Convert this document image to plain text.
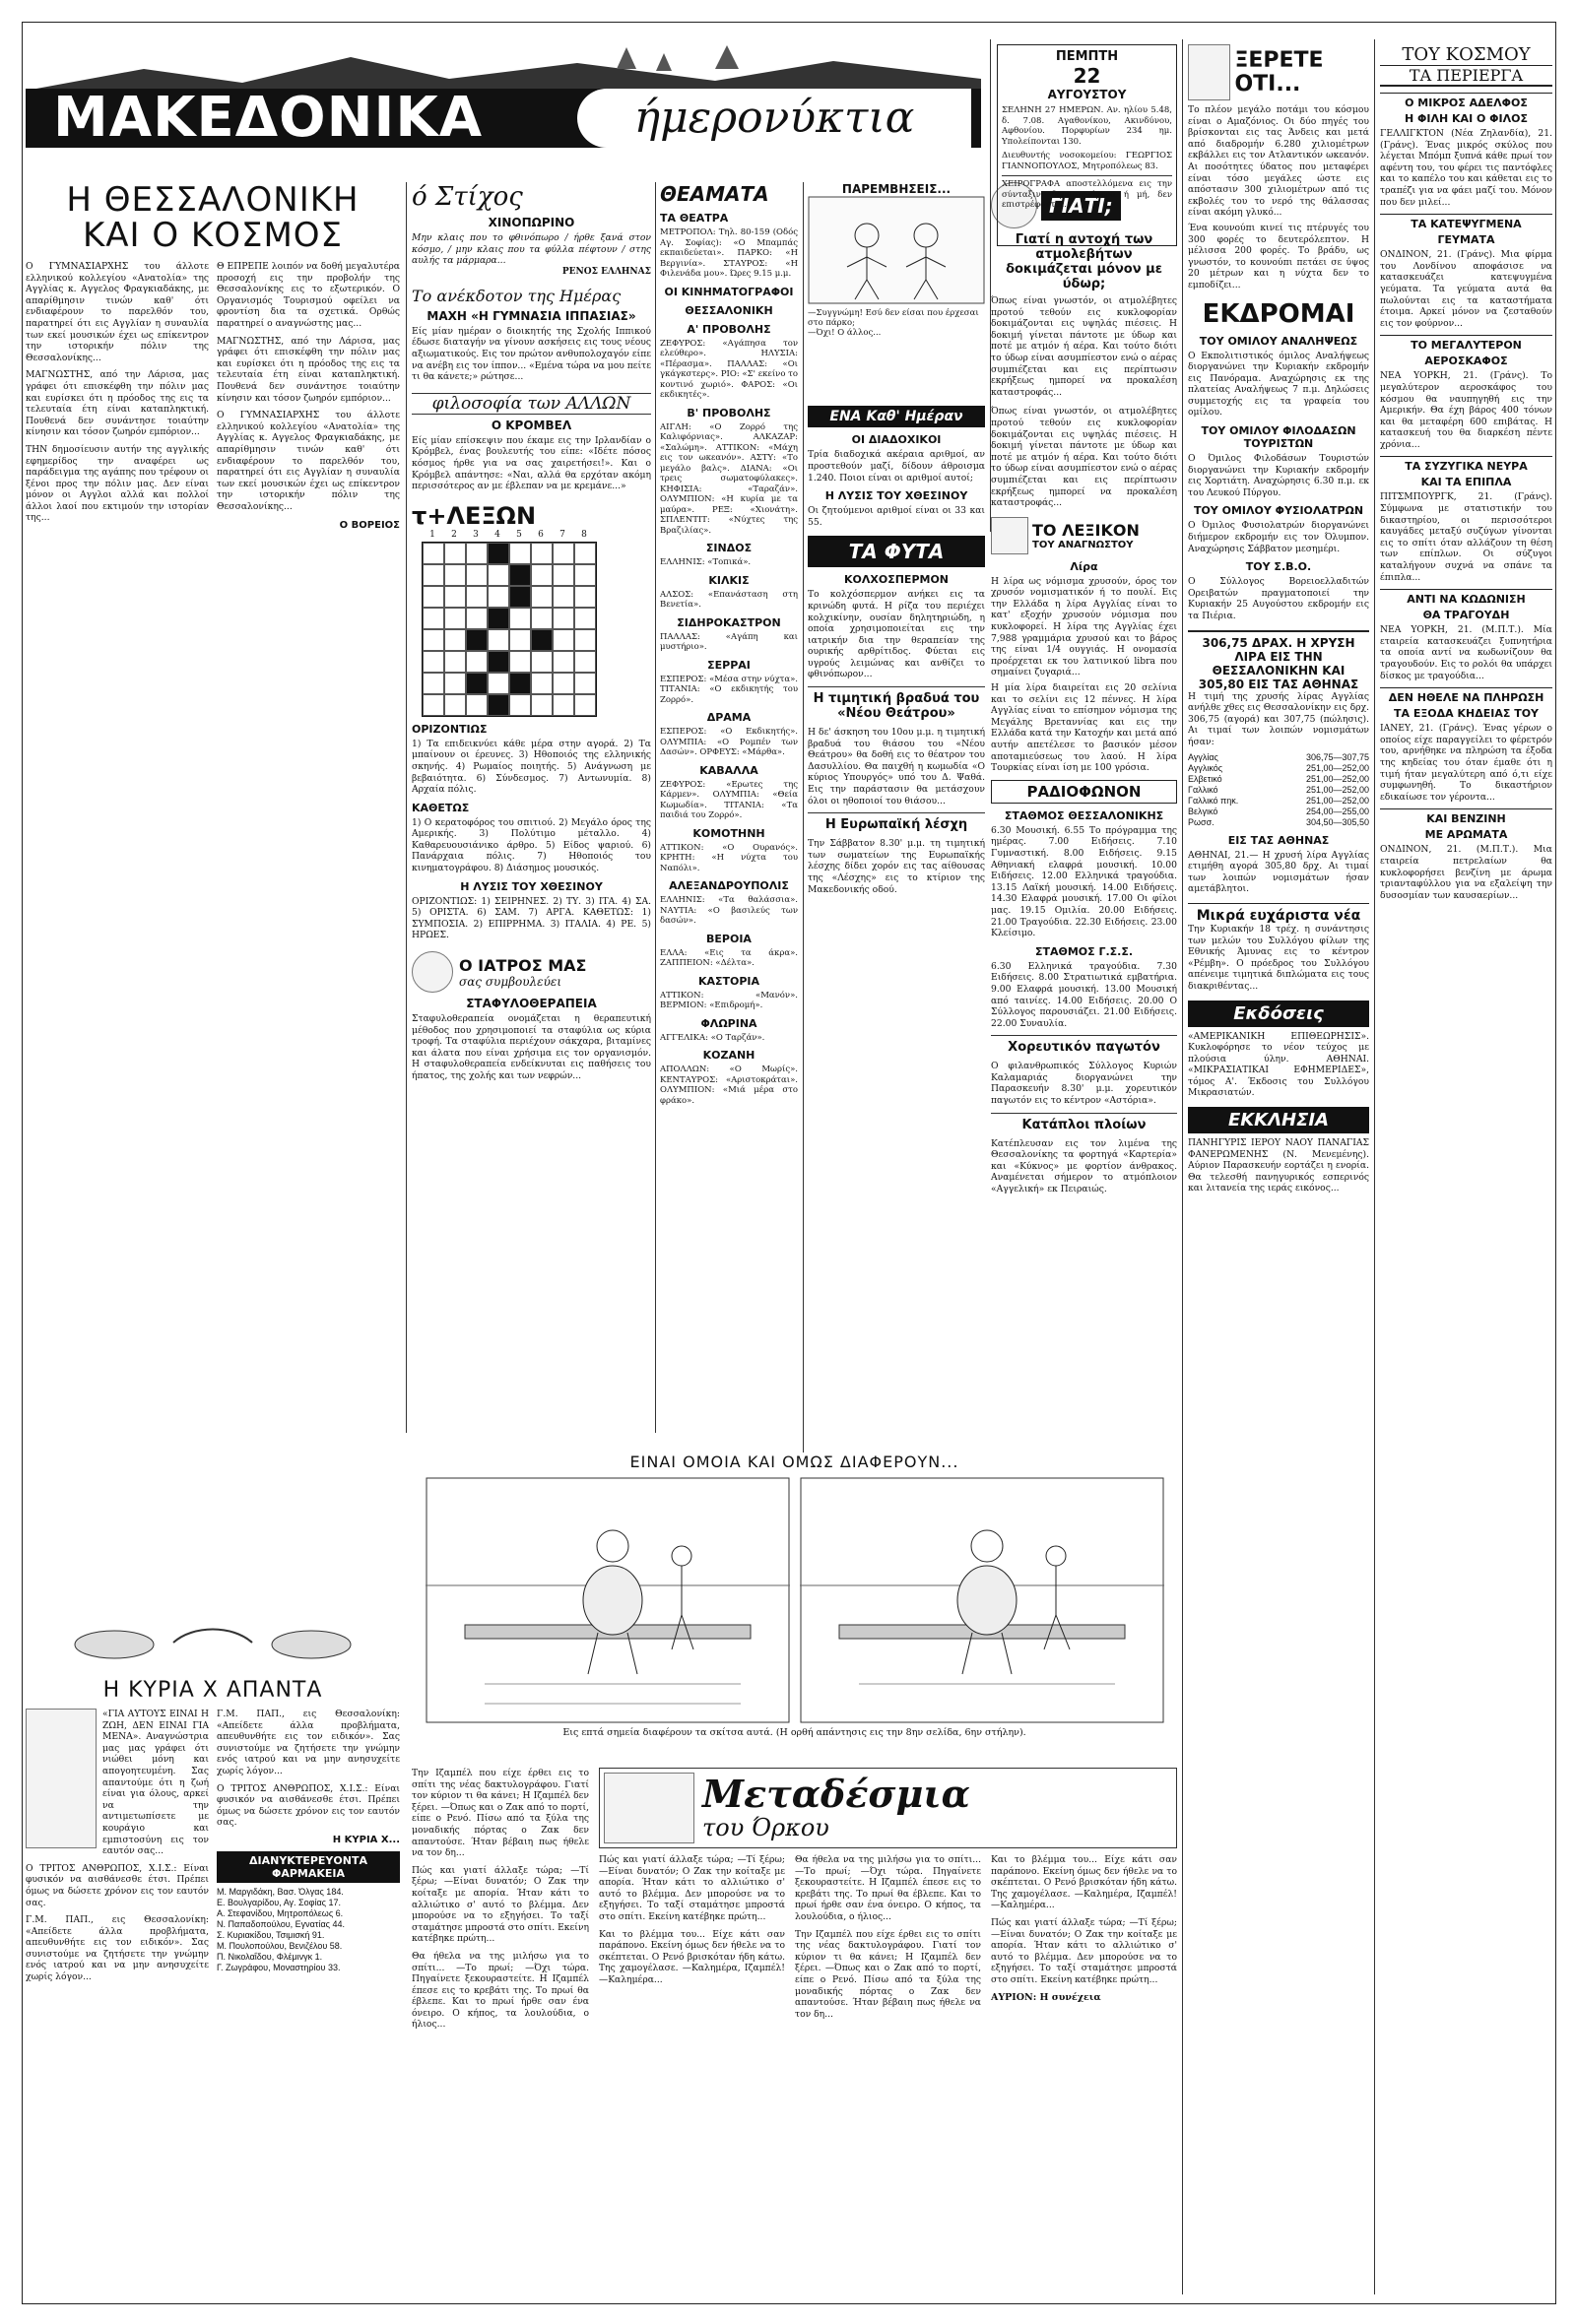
ΜΑΚΕΔΟΝΙΚΑ	ήμερονύκτια
Η ΘΕΣΣΑΛΟΝΙΚΗ
ΚΑΙ Ο ΚΟΣΜΟΣ

Ο ΓΥΜΝΑΣΙΑΡΧΗΣ του άλλοτε ελληνικού κολλεγίου «Ανατολία» της Αγγλίας κ. Αγγελος Φραγκιαδάκης, με απαρίθμησιν τινών καθ' ότι ενδιαφέρουν το παρελθόν του, παρατηρεί ότι εις Αγγλίαν η συναυλία των εκεί μουσικών έχει ως επίκεντρον την ιστορικήν πόλιν της Θεσσαλονίκης...

ΜΑΓΝΩΣΤΗΣ, από την Λάρισα, μας γράφει ότι επισκέφθη την πόλιν μας και ευρίσκει ότι η πρόοδος της εις τα τελευταία έτη είναι καταπληκτική. Πουθενά δεν συνάντησε τοιαύτην κίνησιν και τόσον ζωηρόν εμπόριον...

ΤΗΝ δημοσίευσιν αυτήν της αγγλικής εφημερίδος την αναφέρει ως παράδειγμα της αγάπης που τρέφουν οι ξένοι προς την πόλιν μας. Δεν είναι μόνον οι Αγγλοι αλλά και πολλοί άλλοι λαοί που εκτιμούν την ιστορίαν της...

Θ ΕΠΡΕΠΕ λοιπόν να δοθή μεγαλυτέρα προσοχή εις την προβολήν της Θεσσαλονίκης εις το εξωτερικόν. Ο Οργανισμός Τουρισμού οφείλει να φροντίση δια τα σχετικά. Ορθώς παρατηρεί ο αναγνώστης μας...

ΜΑΓΝΩΣΤΗΣ, από την Λάρισα, μας γράφει ότι επισκέφθη την πόλιν μας και ευρίσκει ότι η πρόοδος της εις τα τελευταία έτη είναι καταπληκτική. Πουθενά δεν συνάντησε τοιαύτην κίνησιν και τόσον ζωηρόν εμπόριον...

Ο ΓΥΜΝΑΣΙΑΡΧΗΣ του άλλοτε ελληνικού κολλεγίου «Ανατολία» της Αγγλίας κ. Αγγελος Φραγκιαδάκης, με απαρίθμησιν τινών καθ' ότι ενδιαφέρουν το παρελθόν του, παρατηρεί ότι εις Αγγλίαν η συναυλία των εκεί μουσικών έχει ως επίκεντρον την ιστορικήν πόλιν της Θεσσαλονίκης...

Ο ΒΟΡΕΙΟΣ
Η ΚΥΡΙΑ Χ ΑΠΑΝΤΑ

«ΓΙΑ ΑΥΤΟΥΣ ΕΙΝΑΙ Η ΖΩΗ, ΔΕΝ ΕΙΝΑΙ ΓΙΑ ΜΕΝΑ». Αναγνώστρια μας μας γράφει ότι νιώθει μόνη και απογοητευμένη. Σας απαντούμε ότι η ζωή είναι για όλους, αρκεί να την αντιμετωπίσετε με κουράγιο και εμπιστοσύνη εις τον εαυτόν σας...

Ο ΤΡΙΤΟΣ ΑΝΘΡΩΠΟΣ, Χ.Ι.Σ.: Είναι φυσικόν να αισθάνεσθε έτσι. Πρέπει όμως να δώσετε χρόνον εις τον εαυτόν σας.

Γ.Μ. ΠΑΠ., εις Θεσσαλονίκη: «Απείδετε άλλα προβλήματα, απευθυνθήτε εις τον ειδικόν». Σας συνιστούμε να ζητήσετε την γνώμην ενός ιατρού και να μην ανησυχείτε χωρίς λόγον...

Γ.Μ. ΠΑΠ., εις Θεσσαλονίκη: «Απείδετε άλλα προβλήματα, απευθυνθήτε εις τον ειδικόν». Σας συνιστούμε να ζητήσετε την γνώμην ενός ιατρού και να μην ανησυχείτε χωρίς λόγον...

Ο ΤΡΙΤΟΣ ΑΝΘΡΩΠΟΣ, Χ.Ι.Σ.: Είναι φυσικόν να αισθάνεσθε έτσι. Πρέπει όμως να δώσετε χρόνον εις τον εαυτόν σας.

Η ΚΥΡΙΑ Χ...
ΔΙΑΝΥΚΤΕΡΕΥΟΝΤΑ ΦΑΡΜΑΚΕΙΑ
Μ. Μαργιδάκη, Βασ. Όλγας 184.
Ε. Βουλγαρίδου, Αγ. Σοφίας 17.
Α. Στεφανίδου, Μητροπόλεως 6.
Ν. Παπαδοπούλου, Εγνατίας 44.
Σ. Κυριακίδου, Τσιμισκή 91.
Μ. Πουλοπούλου, Βενιζέλου 58.
Π. Νικολαΐδου, Φλέμινγκ 1.
Γ. Ζωγράφου, Μοναστηρίου 33.
ό Στίχος
ΧΙΝΟΠΩΡΙΝΟ

Μην κλαις που το φθινόπωρο / ήρθε ξανά στον κόσμο, / μην κλαις που τα φύλλα πέφτουν / στης αυλής τα μάρμαρα...

ΡΕΝΟΣ ΕΛΛΗΝΑΣ
Το ανέκδοτον της Ημέρας
ΜΑΧΗ «Η ΓΥΜΝΑΣΙΑ ΙΠΠΑΣΙΑΣ»

Είς μίαν ημέραν ο διοικητής της Σχολής Ιππικού έδωσε διαταγήν να γίνουν ασκήσεις εις τους νέους αξιωματικούς. Εις τον πρώτον ανθυπολοχαγόν είπε να ανέβη εις τον ίππον... «Εμένα τώρα να μου πείτε τι θα κάνετε;» ρώτησε...

φιλοσοφία των ΑΛΛΩΝ
Ο ΚΡΟΜΒΕΛ

Είς μίαν επίσκεψιν που έκαμε εις την Ιρλανδίαν ο Κρόμβελ, ένας βουλευτής του είπε: «Ιδέτε πόσος κόσμος ήρθε για να σας χαιρετήσει!». Και ο Κρόμβελ απάντησε: «Ναι, αλλά θα ερχόταν ακόμη περισσότερος αν με έβλεπαν να με κρεμάνε...»

τ+ΛΕΞΩΝ
1	2	3	4	5	6	7	8
ΟΡΙΖΟΝΤΙΩΣ

1) Τα επιδεικνύει κάθε μέρα στην αγορά. 2) Τα μπαίνουν οι έρευνες. 3) Ηθοποιός της ελληνικής σκηνής. 4) Ρωμαίος ποιητής. 5) Ανάγνωση με βεβαιότητα. 6) Σύνδεσμος. 7) Αντωνυμία. 8) Αρχαία πόλις.

ΚΑΘΕΤΩΣ

1) Ο κερατοφόρος του σπιτιού. 2) Μεγάλο όρος της Αμερικής. 3) Πολύτιμο μέταλλο. 4) Καθαρευουσιάνικο άρθρο. 5) Είδος ψαριού. 6) Πανάρχαια πόλις. 7) Ηθοποιός του κινηματογράφου. 8) Διάσημος μουσικός.

Η ΛΥΣΙΣ ΤΟΥ ΧΘΕΣΙΝΟΥ

ΟΡΙΖΟΝΤΙΩΣ: 1) ΣΕΙΡΗΝΕΣ. 2) ΤΥ. 3) ΙΤΑ. 4) ΣΑ. 5) ΟΡΙΣΤΑ. 6) ΣΑΜ. 7) ΑΡΓΑ. ΚΑΘΕΤΩΣ: 1) ΣΥΜΠΟΣΙΑ. 2) ΕΠΙΡΡΗΜΑ. 3) ΙΤΑΛΙΑ. 4) ΡΕ. 5) ΗΡΩΕΣ.

Ο ΙΑΤΡΟΣ ΜΑΣ
σας συμβουλεύει
ΣΤΑΦΥΛΟΘΕΡΑΠΕΙΑ

Σταφυλοθεραπεία ονομάζεται η θεραπευτική μέθοδος που χρησιμοποιεί τα σταφύλια ως κύρια τροφή. Τα σταφύλια περιέχουν σάκχαρα, βιταμίνες και άλατα που είναι χρήσιμα εις τον οργανισμόν. Η σταφυλοθεραπεία ενδείκνυται εις παθήσεις του ήπατος, της χολής και των νεφρών...

ΘΕΑΜΑΤΑ
ΤΑ ΘΕΑΤΡΑ

ΜΕΤΡΟΠΟΛ: Τηλ. 80-159 (Οδός Αγ. Σοφίας): «Ο Μπαμπάς εκπαιδεύεται». ΠΑΡΚΟ: «Η Βεργινία». ΣΤΑΥΡΟΣ: «Η Φιλενάδα μου». Ώρες 9.15 μ.μ.

ΟΙ ΚΙΝΗΜΑΤΟΓΡΑΦΟΙ
ΘΕΣΣΑΛΟΝΙΚΗ
Α' ΠΡΟΒΟΛΗΣ

ΖΕΦΥΡΟΣ: «Αγάπησα τον ελεύθερο». ΗΛΥΣΙΑ: «Πέρασμα». ΠΑΛΛΑΣ: «Οι γκάγκστερς». ΡΙΟ: «Σ' εκείνο το κοντινό χωριό». ΦΑΡΟΣ: «Οι εκδικητές».

Β' ΠΡΟΒΟΛΗΣ

ΑΙΓΛΗ: «Ο Ζορρό της Καλιφόρνιας». ΑΛΚΑΖΑΡ: «Σαλώμη». ΑΤΤΙΚΟΝ: «Μάχη εις τον ωκεανόν». ΑΣΤΥ: «Το μεγάλο βαλς». ΔΙΑΝΑ: «Οι τρεις σωματοφύλακες». ΚΗΦΙΣΙΑ: «Ταραζάν». ΟΛΥΜΠΙΟΝ: «Η κυρία με τα μαύρα». ΡΕΞ: «Χιονάτη». ΣΠΛΕΝΤΙΤ: «Νύχτες της Βραζιλίας».

ΣΙΝΔΟΣ

ΕΛΛΗΝΙΣ: «Τοπικά».

ΚΙΛΚΙΣ

ΑΛΣΟΣ: «Επανάσταση στη Βενετία».

ΣΙΔΗΡΟΚΑΣΤΡΟΝ

ΠΑΛΛΑΣ: «Αγάπη και μυστήριο».

ΣΕΡΡΑΙ

ΕΣΠΕΡΟΣ: «Μέσα στην νύχτα». ΤΙΤΑΝΙΑ: «Ο εκδικητής του Ζορρό».

ΔΡΑΜΑ

ΕΣΠΕΡΟΣ: «Ο Εκδικητής». ΟΛΥΜΠΙΑ: «Ο Ρομπέν των Δασών». ΟΡΦΕΥΣ: «Μάρθα».

ΚΑΒΑΛΛΑ

ΖΕΦΥΡΟΣ: «Ερωτες της Κάρμεν». ΟΛΥΜΠΙΑ: «Θεία Κωμωδία». ΤΙΤΑΝΙΑ: «Τα παιδιά του Ζορρό».

ΚΟΜΟΤΗΝΗ

ΑΤΤΙΚΟΝ: «Ο Ουρανός». ΚΡΗΤΗ: «Η νύχτα του Ναπόλι».

ΑΛΕΞΑΝΔΡΟΥΠΟΛΙΣ

ΕΛΛΗΝΙΣ: «Τα θαλάσσια». ΝΑΥΤΙΑ: «Ο βασιλεύς των δασών».

ΒΕΡΟΙΑ

ΕΛΛΑ: «Εις τα άκρα». ΖΑΠΠΕΙΟΝ: «Δέλτα».

ΚΑΣΤΟΡΙΑ

ΑΤΤΙΚΟΝ: «Μανόν». ΒΕΡΜΙΟΝ: «Επιδρομή».

ΦΛΩΡΙΝΑ

ΑΓΓΕΛΙΚΑ: «Ο Ταρζάν».

ΚΟΖΑΝΗ

ΑΠΟΛΛΩΝ: «Ο Μωρίς». ΚΕΝΤΑΥΡΟΣ: «Αριστοκράται». ΟΛΥΜΠΙΟΝ: «Μιά μέρα στο φράκο».

ΠΑΡΕΜΒΗΣΕΙΣ...
—Συγγνώμη! Εσύ δεν είσαι που έρχεσαι στο πάρκο;
—Όχι! Ο άλλος...
ΓΙΑΤΙ;
Γιατί η αντοχή των ατμολεβήτων δοκιμάζεται μόνον με ύδωρ;

Όπως είναι γνωστόν, οι ατμολέβητες προτού τεθούν εις κυκλοφορίαν δοκιμάζονται εις υψηλάς πιέσεις. Η δοκιμή γίνεται πάντοτε με ύδωρ και ποτέ με ατμόν ή αέρα. Και τούτο διότι το ύδωρ είναι ασυμπίεστον ενώ ο αέρας συμπιέζεται και εις περίπτωσιν εκρήξεως ημπορεί να προκαλέση καταστροφάς...

ΕΝΑ Καθ' Ημέραν
ΟΙ ΔΙΑΔΟΧΙΚΟΙ

Τρία διαδοχικά ακέραια αριθμοί, αν προστεθούν μαζί, δίδουν άθροισμα 1.240. Ποιοι είναι οι αριθμοί αυτοί;

Η ΛΥΣΙΣ ΤΟΥ ΧΘΕΣΙΝΟΥ

Οι ζητούμενοι αριθμοί είναι οι 33 και 55.

ΤΑ ΦΥΤΑ
ΚΟΛΧΟΣΠΕΡΜΟΝ

Το κολχόσπερμον ανήκει εις τα κρινώδη φυτά. Η ρίζα του περιέχει κολχικίνην, ουσίαν δηλητηριώδη, η οποία χρησιμοποιείται εις την ιατρικήν δια την θεραπείαν της ουρικής αρθρίτιδος. Φύεται εις υγρούς λειμώνας και ανθίζει το φθινόπωρον...

Η τιμητική βραδυά του «Νέου Θεάτρου»

Η δε' άσκηση του 10ου μ.μ. η τιμητική βραδυά του θιάσου του «Νέου Θεάτρου» θα δοθή εις το θέατρον του Δασυλλίου. Θα παιχθή η κωμωδία «Ο κύριος Υπουργός» υπό του Δ. Ψαθά. Εις την παράστασιν θα μετάσχουν όλοι οι ηθοποιοί του θιάσου...

Η Ευρωπαϊκή λέσχη

Την Σάββατον 8.30' μ.μ. τη τιμητική των σωματείων της Ευρωπαϊκής λέσχης δίδει χορόν εις τας αίθουσας της «Λέσχης» εις το κτίριον της Μακεδονικής οδού.

Όπως είναι γνωστόν, οι ατμολέβητες προτού τεθούν εις κυκλοφορίαν δοκιμάζονται εις υψηλάς πιέσεις. Η δοκιμή γίνεται πάντοτε με ύδωρ και ποτέ με ατμόν ή αέρα. Και τούτο διότι το ύδωρ είναι ασυμπίεστον ενώ ο αέρας συμπιέζεται και εις περίπτωσιν εκρήξεως ημπορεί να προκαλέση καταστροφάς...

ΤΟ ΛΕΞΙΚΟΝ
ΤΟΥ ΑΝΑΓΝΩΣΤΟΥ
Λίρα

Η λίρα ως νόμισμα χρυσούν, όρος τον χρυσόν νομισματικόν ή το πουλί. Εις την Ελλάδα η λίρα Αγγλίας είναι το κατ' εξοχήν χρυσούν νόμισμα που κυκλοφορεί. Η λίρα της Αγγλίας έχει 7,988 γραμμάρια χρυσού και το βάρος της είναι 1/4 ουγγιάς. Η ονομασία προέρχεται εκ του λατινικού libra που σημαίνει ζυγαριά...

Η μία λίρα διαιρείται εις 20 σελίνια και το σελίνι εις 12 πέννες. Η λίρα Αγγλίας είναι το επίσημον νόμισμα της Μεγάλης Βρεταννίας και εις την Ελλάδα κατά την Κατοχήν και μετά από αυτήν απετέλεσε το βασικόν μέσον αποταμιεύσεως του λαού. Η λίρα Τουρκίας είναι ίση με 100 γρόσια.

ΡΑΔΙΟΦΩΝΟΝ
ΣΤΑΘΜΟΣ ΘΕΣΣΑΛΟΝΙΚΗΣ

6.30 Μουσική. 6.55 Το πρόγραμμα της ημέρας. 7.00 Ειδήσεις. 7.10 Γυμναστική. 8.00 Ειδήσεις. 9.15 Αθηνιακή ελαφρά μουσική. 10.00 Ειδήσεις. 12.00 Ελληνικά τραγούδια. 13.15 Λαϊκή μουσική. 14.00 Ειδήσεις. 14.30 Ελαφρά μουσική. 17.00 Οι φίλοι μας. 19.15 Ομιλία. 20.00 Ειδήσεις. 21.00 Τραγούδια. 22.30 Ειδήσεις. 23.00 Κλείσιμο.

ΣΤΑΘΜΟΣ Γ.Σ.Σ.

6.30 Ελληνικά τραγούδια. 7.30 Ειδήσεις. 8.00 Στρατιωτικά εμβατήρια. 9.00 Ελαφρά μουσική. 13.00 Μουσική από ταινίες. 14.00 Ειδήσεις. 20.00 Ο Σύλλογος παρουσιάζει. 21.00 Ειδήσεις. 22.00 Συναυλία.

Χορευτικόν παγωτόν

Ο φιλανθρωπικός Σύλλογος Κυριών Καλαμαριάς διοργανώνει την Παρασκευήν 8.30' μ.μ. χορευτικόν παγωτόν εις το κέντρον «Αστόρια».

Κατάπλοι πλοίων

Κατέπλευσαν εις τον λιμένα της Θεσσαλονίκης τα φορτηγά «Καρτερία» και «Κύκνος» με φορτίον άνθρακος. Αναμένεται σήμερον το ατμόπλοιον «Αγγελική» εκ Πειραιώς.

ΠΕΜΠΤΗ
22
ΑΥΓΟΥΣΤΟΥ

ΣΕΛΗΝΗ 27 ΗΜΕΡΩΝ. Αν. ηλίου 5.48, δ. 7.08. Αγαθονίκου, Ακινδύνου, Αφθονίου. Πορφυρίων 234 ημ. Υπολείπονται 130.

Διευθυντής νοσοκομείου: ΓΕΩΡΓΙΟΣ ΓΙΑΝΝΟΠΟΥΛΟΣ, Μητροπόλεως 83.

ΧΕΙΡΟΓΡΑΦΑ αποστελλόμενα εις την σύνταξιν, δημοσιευόμενα ή μή, δεν επιστρέφονται.

ΕΙΝΑΙ ΟΜΟΙΑ ΚΑΙ ΟΜΩΣ ΔΙΑΦΕΡΟΥΝ...
Εις επτά σημεία διαφέρουν τα σκίτσα αυτά. (Η ορθή απάντησις εις την 8ην σελίδα, 6ην στήλην).

Την Ιζαμπέλ που είχε έρθει εις το σπίτι της νέας δακτυλογράφου. Γιατί τον κύριον τι θα κάνει; Η Ιζαμπέλ δεν ξέρει. —Όπως και ο Ζακ από το πορτί, είπε ο Ρενό. Πίσω από τα ξύλα της μοναδικής πόρτας ο Ζακ δεν απαντούσε. Ήταν βέβαιη πως ήθελε να τον δη...

Πώς και γιατί άλλαξε τώρα; —Τί ξέρω; —Είναι δυνατόν; Ο Ζακ την κοίταξε με απορία. Ήταν κάτι το αλλιώτικο σ' αυτό το βλέμμα. Δεν μπορούσε να το εξηγήσει. Το ταξί σταμάτησε μπροστά στο σπίτι. Εκείνη κατέβηκε πρώτη...

Θα ήθελα να της μιλήσω για το σπίτι... —Το πρωί; —Όχι τώρα. Πηγαίνετε ξεκουραστείτε. Η Ιζαμπέλ έπεσε εις το κρεβάτι της. Το πρωί θα έβλεπε. Και το πρωί ήρθε σαν ένα όνειρο. Ο κήπος, τα λουλούδια, ο ήλιος...

Μεταδέσμια
του Όρκου

Πώς και γιατί άλλαξε τώρα; —Τί ξέρω; —Είναι δυνατόν; Ο Ζακ την κοίταξε με απορία. Ήταν κάτι το αλλιώτικο σ' αυτό το βλέμμα. Δεν μπορούσε να το εξηγήσει. Το ταξί σταμάτησε μπροστά στο σπίτι. Εκείνη κατέβηκε πρώτη...

Και το βλέμμα του... Είχε κάτι σαν παράπονο. Εκείνη όμως δεν ήθελε να το σκέπτεται. Ο Ρενό βρισκόταν ήδη κάτω. Της χαμογέλασε. —Καλημέρα, Ιζαμπέλ! —Καλημέρα...

Θα ήθελα να της μιλήσω για το σπίτι... —Το πρωί; —Όχι τώρα. Πηγαίνετε ξεκουραστείτε. Η Ιζαμπέλ έπεσε εις το κρεβάτι της. Το πρωί θα έβλεπε. Και το πρωί ήρθε σαν ένα όνειρο. Ο κήπος, τα λουλούδια, ο ήλιος...

Την Ιζαμπέλ που είχε έρθει εις το σπίτι της νέας δακτυλογράφου. Γιατί τον κύριον τι θα κάνει; Η Ιζαμπέλ δεν ξέρει. —Όπως και ο Ζακ από το πορτί, είπε ο Ρενό. Πίσω από τα ξύλα της μοναδικής πόρτας ο Ζακ δεν απαντούσε. Ήταν βέβαιη πως ήθελε να τον δη...

Και το βλέμμα του... Είχε κάτι σαν παράπονο. Εκείνη όμως δεν ήθελε να το σκέπτεται. Ο Ρενό βρισκόταν ήδη κάτω. Της χαμογέλασε. —Καλημέρα, Ιζαμπέλ! —Καλημέρα...

Πώς και γιατί άλλαξε τώρα; —Τί ξέρω; —Είναι δυνατόν; Ο Ζακ την κοίταξε με απορία. Ήταν κάτι το αλλιώτικο σ' αυτό το βλέμμα. Δεν μπορούσε να το εξηγήσει. Το ταξί σταμάτησε μπροστά στο σπίτι. Εκείνη κατέβηκε πρώτη...

ΑΥΡΙΟΝ: Η συνέχεια
ΞΕΡΕΤΕ ΟΤΙ...

Το πλέον μεγάλο ποτάμι του κόσμου είναι ο Αμαζόνιος. Οι δύο πηγές του βρίσκονται εις τας Άνδεις και μετά από διαδρομήν 6.280 χιλιομέτρων εκβάλλει εις τον Ατλαντικόν ωκεανόν. Αι ποσότητες ύδατος που μεταφέρει είναι τόσο μεγάλες ώστε εις απόστασιν 300 χιλιομέτρων από τις εκβολές του το νερό της θάλασσας είναι ακόμη γλυκό...

Ένα κουνούπι κινεί τις πτέρυγές του 300 φορές το δευτερόλεπτον. Η μέλισσα 200 φορές. Το βράδυ, ως γνωστόν, το κουνούπι πετάει σε ύψος 20 μέτρων και η νύχτα δεν το εμποδίζει...

ΕΚΔΡΟΜΑΙ
ΤΟΥ ΟΜΙΛΟΥ ΑΝΑΛΗΨΕΩΣ

Ο Εκπολιτιστικός όμιλος Αναλήψεως διοργανώνει την Κυριακήν εκδρομήν εις Πανόραμα. Αναχώρησις εκ της πλατείας Αναλήψεως 7 π.μ. Δηλώσεις συμμετοχής εις τα γραφεία του ομίλου.

ΤΟΥ ΟΜΙΛΟΥ ΦΙΛΟΔΑΣΩΝ ΤΟΥΡΙΣΤΩΝ

Ο Όμιλος Φιλοδάσων Τουριστών διοργανώνει την Κυριακήν εκδρομήν εις Χορτιάτη. Αναχώρησις 6.30 π.μ. εκ του Λευκού Πύργου.

ΤΟΥ ΟΜΙΛΟΥ ΦΥΣΙΟΛΑΤΡΩΝ

Ο Όμιλος Φυσιολατρών διοργανώνει διήμερον εκδρομήν εις τον Όλυμπον. Αναχώρησις Σάββατον μεσημέρι.

ΤΟΥ Σ.Β.Ο.

Ο Σύλλογος Βορειοελλαδιτών Ορειβατών πραγματοποιεί την Κυριακήν 25 Αυγούστου εκδρομήν εις τα Πιέρια.

306,75 ΔΡΑΧ. Η ΧΡΥΣΗ ΛΙΡΑ ΕΙΣ ΤΗΝ ΘΕΣΣΑΛΟΝΙΚΗΝ ΚΑΙ 305,80 ΕΙΣ ΤΑΣ ΑΘΗΝΑΣ

Η τιμή της χρυσής λίρας Αγγλίας ανήλθε χθες εις Θεσσαλονίκην εις δρχ. 306,75 (αγορά) και 307,75 (πώλησις). Αι τιμαί των λοιπών νομισμάτων ήσαν:

Αγγλίας	306,75—307,75
Αγγλικός	251,00—252,00
Ελβετικό	251,00—252,00
Γαλλικό	251,00—252,00
Γαλλικό πηκ.	251,00—252,00
Βελγικό	254,00—255,00
Ρωσσ.	304,50—305,50
ΕΙΣ ΤΑΣ ΑΘΗΝΑΣ

ΑΘΗΝΑΙ, 21.— Η χρυσή λίρα Αγγλίας ετιμήθη αγορά 305,80 δρχ. Αι τιμαί των λοιπών νομισμάτων ήσαν αμετάβλητοι.

Μικρά ευχάριστα νέα

Την Κυριακήν 18 τρέχ. η συνάντησις των μελών του Συλλόγου φίλων της Εθνικής Άμυνας εις το κέντρον «Ρέμβη». Ο πρόεδρος του Συλλόγου απένειμε τιμητικά διπλώματα εις τους διακριθέντας...

Εκδόσεις

«ΑΜΕΡΙΚΑΝΙΚΗ ΕΠΙΘΕΩΡΗΣΙΣ». Κυκλοφόρησε το νέον τεύχος με πλούσια ύλην. ΑΘΗΝΑΙ. «ΜΙΚΡΑΣΙΑΤΙΚΑΙ ΕΦΗΜΕΡΙΔΕΣ», τόμος Α'. Έκδοσις του Συλλόγου Μικρασιατών.

ΕΚΚΛΗΣΙΑ

ΠΑΝΗΓΥΡΙΣ ΙΕΡΟΥ ΝΑΟΥ ΠΑΝΑΓΙΑΣ ΦΑΝΕΡΩΜΕΝΗΣ (Ν. Μενεμένης). Αύριον Παρασκευήν εορτάζει η ενορία. Θα τελεσθή πανηγυρικός εσπερινός και λιτανεία της ιεράς εικόνος...

ΤΟΥ ΚΟΣΜΟΥ
ΤΑ ΠΕΡΙΕΡΓΑ
Ο ΜΙΚΡΟΣ ΑΔΕΛΦΟΣ
Η ΦΙΛΗ ΚΑΙ Ο ΦΙΛΟΣ

ΓΕΛΛΙΓΚΤΟΝ (Νέα Ζηλανδία), 21. (Γράνς). Ένας μικρός σκύλος που λέγεται Μπόμπ ξυπνά κάθε πρωί τον αφέντη του, του φέρει τις παντόφλες και το καπέλο του και κάθεται εις το τραπέζι για να φάει μαζί του. Μόνον που δεν μιλεί...

ΤΑ ΚΑΤΕΨΥΓΜΕΝΑ
ΓΕΥΜΑΤΑ

ΟΝΔΙΝΟΝ, 21. (Γράνς). Μια φίρμα του Λονδίνου αποφάσισε να κατασκευάζει κατεψυγμένα γεύματα. Τα γεύματα αυτά θα πωλούνται εις τα καταστήματα έτοιμα. Αρκεί μόνον να ζεσταθούν εις τον φούρνον...

ΤΟ ΜΕΓΑΛΥΤΕΡΟΝ
ΑΕΡΟΣΚΑΦΟΣ

ΝΕΑ ΥΟΡΚΗ, 21. (Γράνς). Το μεγαλύτερον αεροσκάφος του κόσμου θα ναυπηγηθή εις την Αμερικήν. Θα έχη βάρος 400 τόνων και θα μεταφέρη 600 επιβάτας. Η κατασκευή του θα διαρκέση πέντε χρόνια...

ΤΑ ΣΥΖΥΓΙΚΑ ΝΕΥΡΑ
ΚΑΙ ΤΑ ΕΠΙΠΛΑ

ΠΙΤΣΜΠΟΥΡΓΚ, 21. (Γράνς). Σύμφωνα με στατιστικήν του δικαστηρίου, οι περισσότεροι καυγάδες μεταξύ συζύγων γίνονται εις το σπίτι όταν αλλάζουν τη θέση των επίπλων. Οι σύζυγοι καταλήγουν συχνά να σπάνε τα έπιπλα...

ΑΝΤΙ ΝΑ ΚΩΔΩΝΙΣΗ
ΘΑ ΤΡΑΓΟΥΔΗ

ΝΕΑ ΥΟΡΚΗ, 21. (Μ.Π.Τ.). Μία εταιρεία κατασκευάζει ξυπνητήρια τα οποία αντί να κωδωνίζουν θα τραγουδούν. Εις το ρολόι θα υπάρχει δίσκος με τραγούδια...

ΔΕΝ ΗΘΕΛΕ ΝΑ ΠΛΗΡΩΣΗ
ΤΑ ΕΞΟΔΑ ΚΗΔΕΙΑΣ ΤΟΥ

ΙΑΝΕΥ, 21. (Γράνς). Ένας γέρων ο οποίος είχε παραγγείλει το φέρετρόν του, αρνήθηκε να πληρώση τα έξοδα της κηδείας του όταν έμαθε ότι η τιμή ήταν μεγαλύτερη από ό,τι είχε συμφωνηθή. Το δικαστήριον εδικαίωσε τον γέροντα...

ΚΑΙ ΒΕΝΖΙΝΗ
ΜΕ ΑΡΩΜΑΤΑ

ΟΝΔΙΝΟΝ, 21. (Μ.Π.Τ.). Μια εταιρεία πετρελαίων θα κυκλοφορήσει βενζίνη με άρωμα τριανταφύλλου για να εξαλείψη την δυσοσμίαν των καυσαερίων...
